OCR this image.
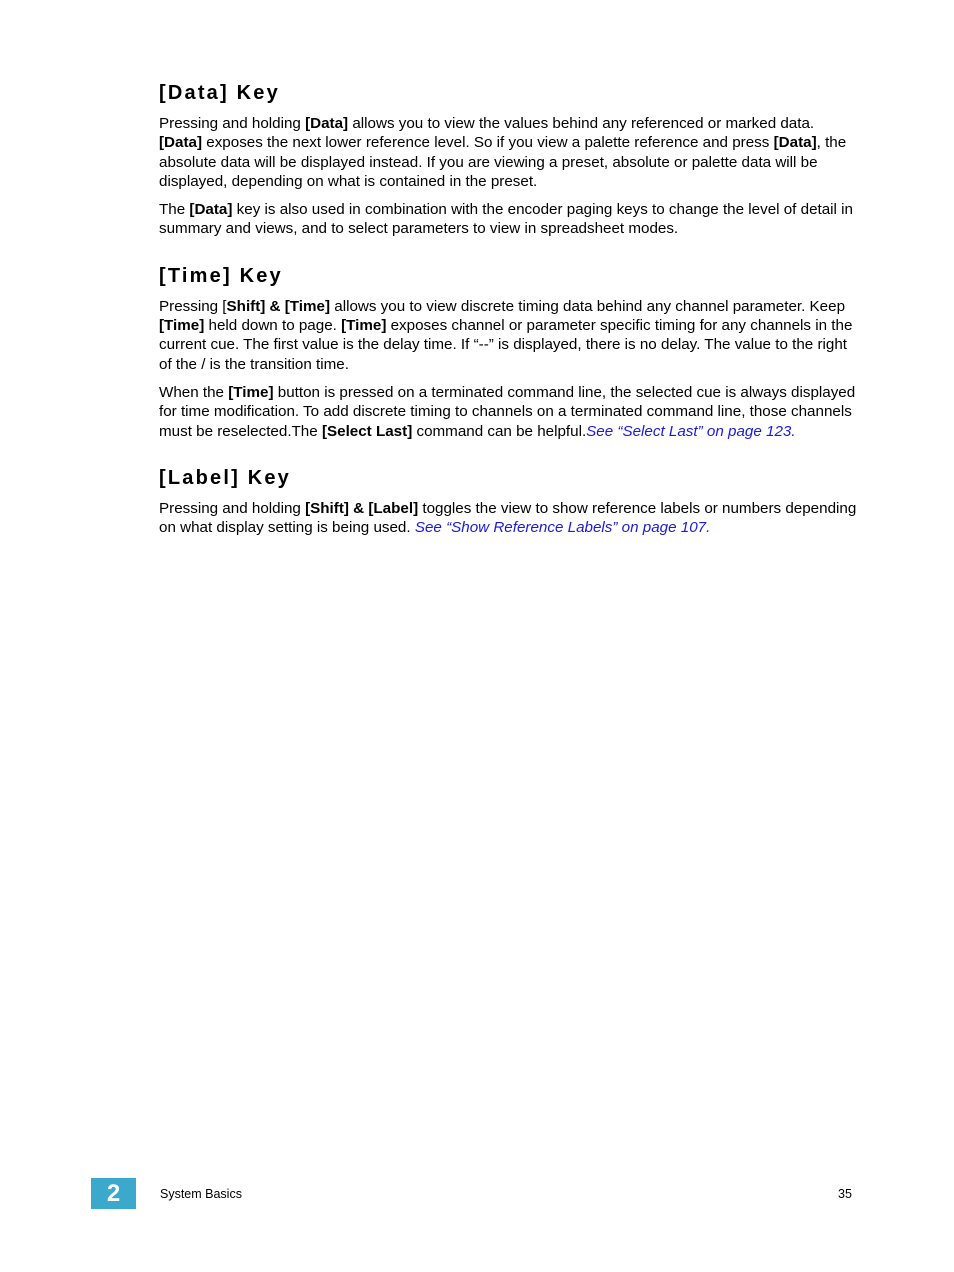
[Data] Key

Pressing and holding [Data] allows you to view the values behind any referenced or marked data. [Data] exposes the next lower reference level. So if you view a palette reference and press [Data], the absolute data will be displayed instead. If you are viewing a preset, absolute or palette data will be displayed, depending on what is contained in the preset.

The [Data] key is also used in combination with the encoder paging keys to change the level of detail in summary and views, and to select parameters to view in spreadsheet modes.

[Time] Key

Pressing [Shift] & [Time] allows you to view discrete timing data behind any channel parameter. Keep [Time] held down to page. [Time] exposes channel or parameter specific timing for any channels in the current cue. The first value is the delay time. If “--” is displayed, there is no delay. The value to the right of the / is the transition time.

When the [Time] button is pressed on a terminated command line, the selected cue is always displayed for time modification. To add discrete timing to channels on a terminated command line, those channels must be reselected.The [Select Last] command can be helpful.See “Select Last” on page 123.

[Label] Key

Pressing and holding [Shift] & [Label] toggles the view to show reference labels or numbers depending on what display setting is being used. See “Show Reference Labels” on page 107.

2	System Basics	35
